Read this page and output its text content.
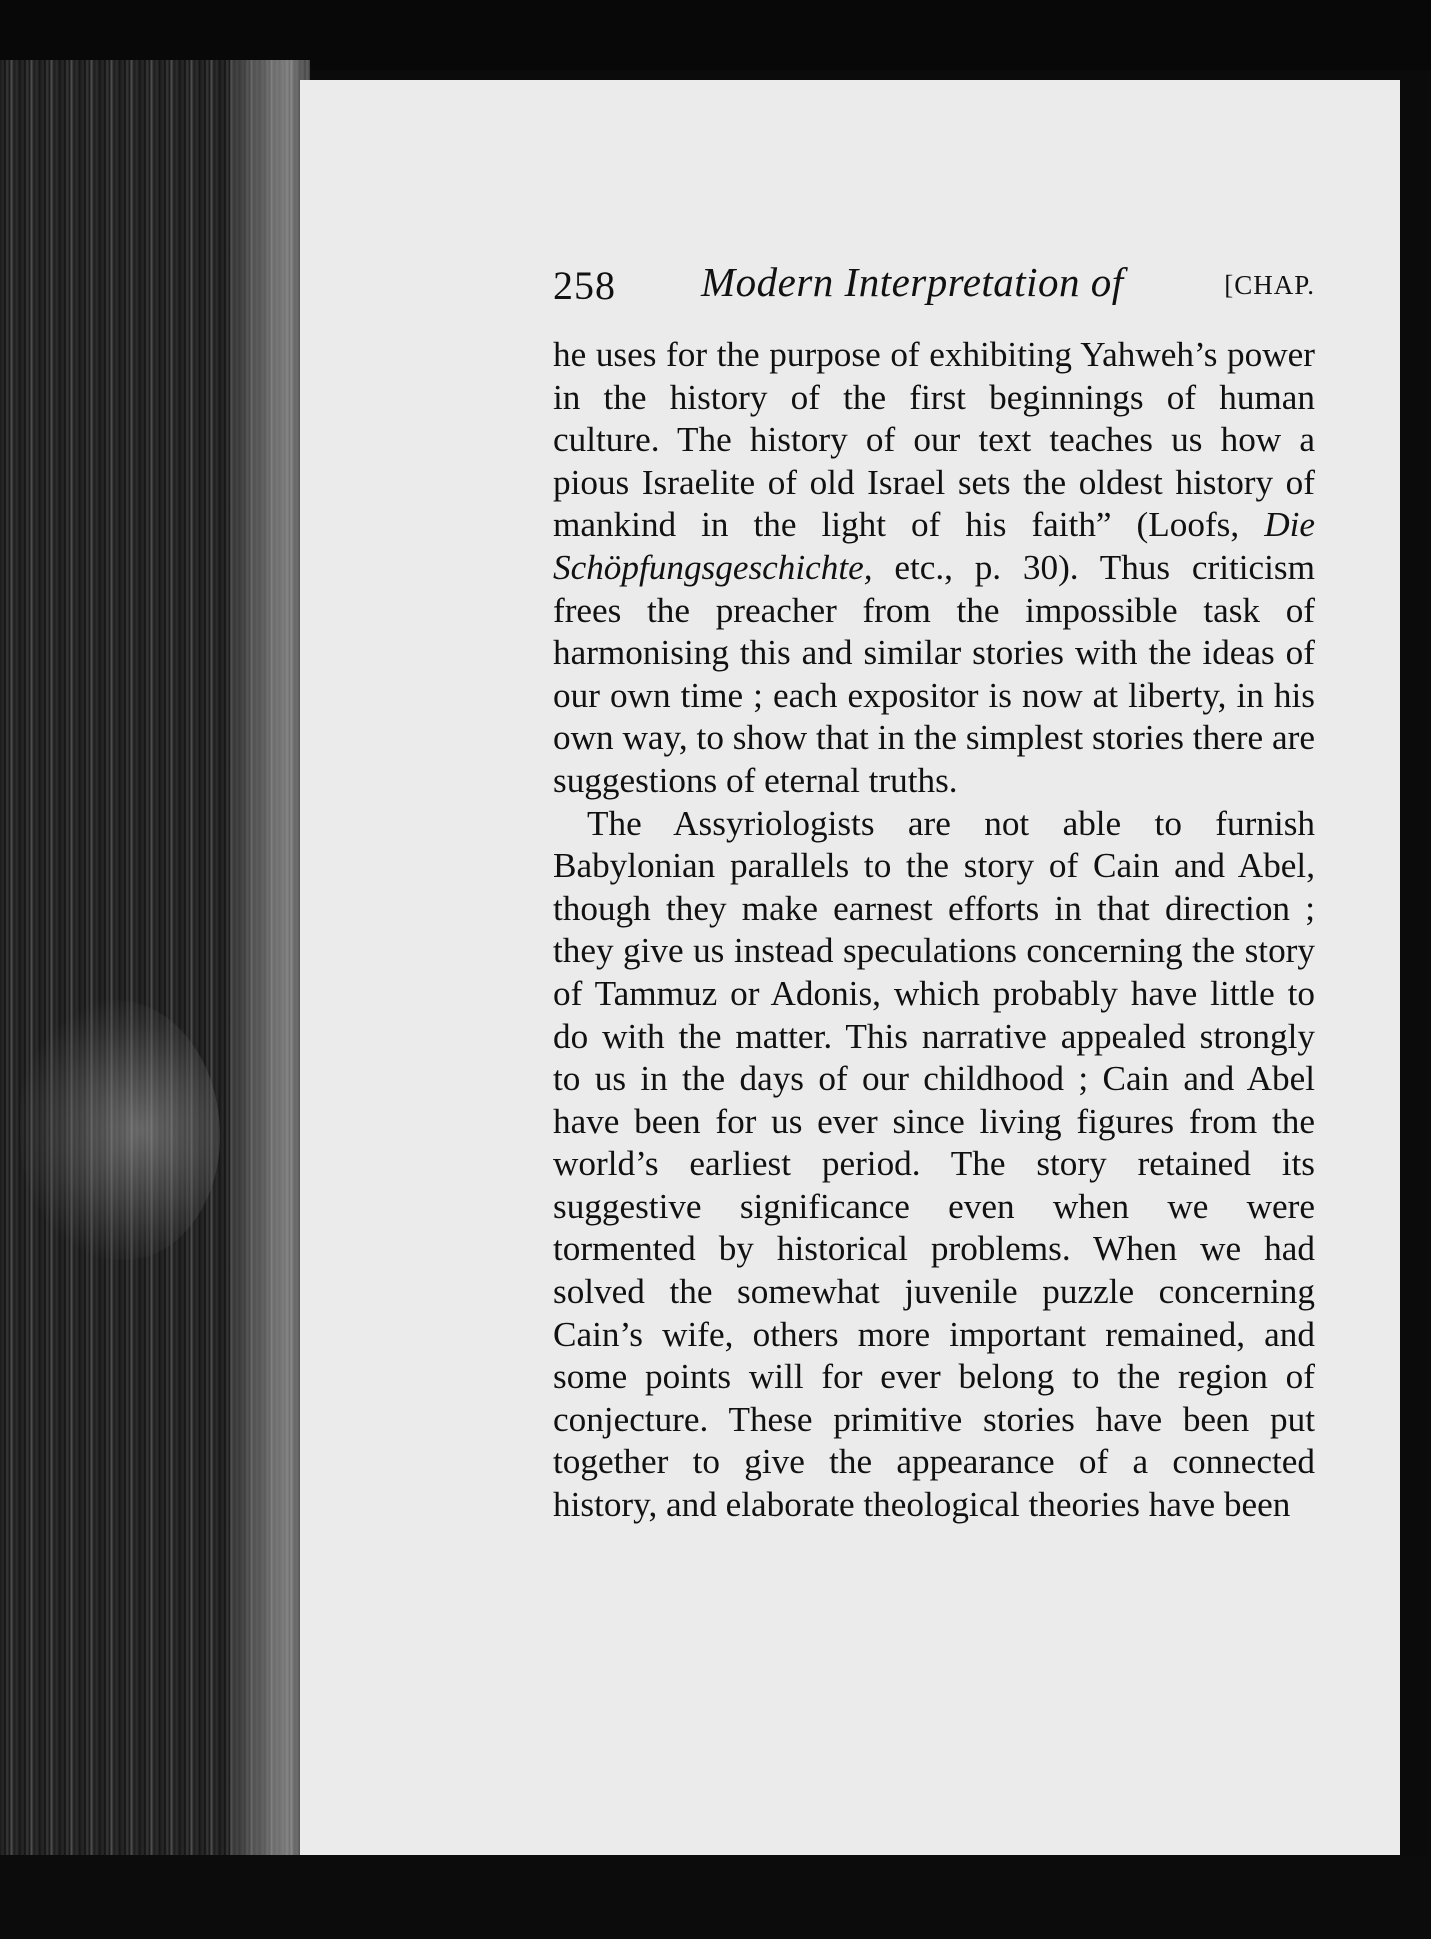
258 Modern Interpretation of	[CHAP.

he uses for the purpose of exhibiting Yahweh’s power in the history of the first beginnings of human culture. The history of our text teaches us how a pious Israelite of old Israel sets the oldest history of mankind in the light of his faith” (Loofs, Die Schöpfungsgeschichte, etc., p. 30). Thus criticism frees the preacher from the impossible task of harmonising this and similar stories with the ideas of our own time ; each expositor is now at liberty, in his own way, to show that in the simplest stories there are suggestions of eternal truths.

The Assyriologists are not able to furnish Babylonian parallels to the story of Cain and Abel, though they make earnest efforts in that direction ; they give us instead speculations concerning the story of Tammuz or Adonis, which probably have little to do with the matter. This narrative appealed strongly to us in the days of our childhood ; Cain and Abel have been for us ever since living figures from the world’s earliest period. The story retained its suggestive significance even when we were tormented by historical problems. When we had solved the somewhat juvenile puzzle concerning Cain’s wife, others more important remained, and some points will for ever belong to the region of conjecture. These primitive stories have been put together to give the appearance of a connected history, and elaborate theological theories have been
